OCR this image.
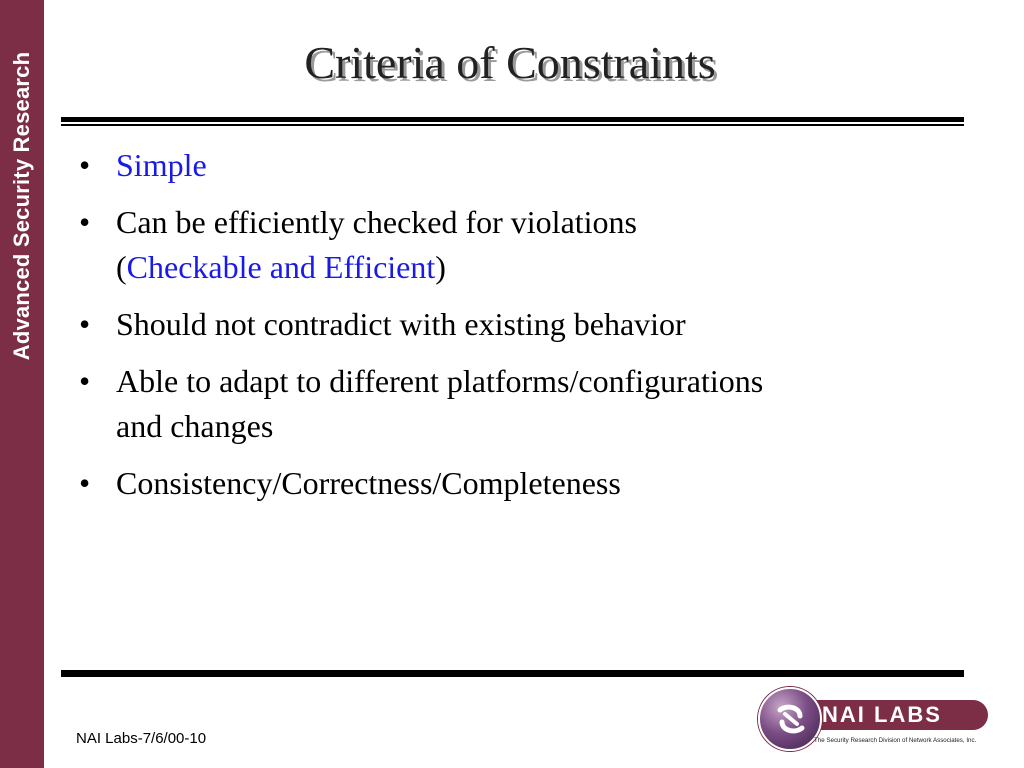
Advanced Security Research	Criteria of Constraints
• Simple
• Can be efficiently checked for violations
(Checkable and Efficient)
• Should not contradict with existing behavior
• Able to adapt to different platforms/configurations
and changes
• Consistency/Correctness/Completeness
NAI Labs-7/6/00-10
NAI LABS
The Security Research Division of Network Associates, Inc.
